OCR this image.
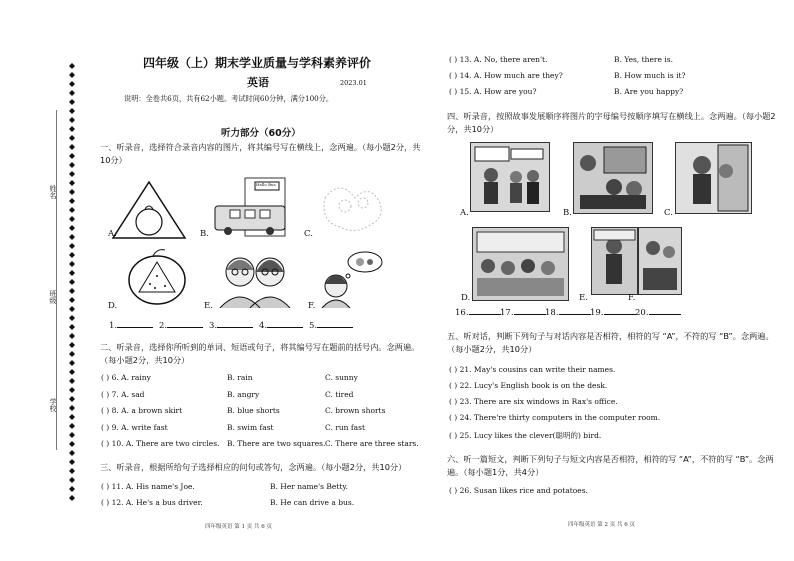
姓名
班级
学校
四年级（上）期末学业质量与学科素养评价
英语	2023.01
说明：全卷共6页，共有62小题。考试时间60分钟，满分100分。
听力部分（60分）
一、听录音，选择符合录音内容的图片，将其编号写在横线上，念两遍。（每小题2分，共10分）
A.
Hello Bus
B.	C.
D.	E.	F.
1.	2.	3.	4.	5.
二、听录音，选择你所听到的单词、短语或句子，将其编号写在题前的括号内。念两遍。（每小题2分，共10分）
( ) 6. A. rainy	B. rain	C. sunny
( ) 7. A. sad	B. angry	C. tired
( ) 8. A. a brown skirt	B. blue shorts	C. brown shorts
( ) 9. A. write fast	B. swim fast	C. run fast
( ) 10. A. There are two circles. B. There are two squares. C. There are three stars.
三、听录音，根据所给句子选择相应的问句或答句，念两遍。（每小题2分，共10分）
( ) 11. A. His name's Joe.	B. Her name's Betty.
( ) 12. A. He's a bus driver.	B. He can drive a bus.
四年级英语 第 1 页 共 6 页
( ) 13. A. No, there aren't.	B. Yes, there is.
( ) 14. A. How much are they?	B. How much is it?
( ) 15. A. How are you?	B. Are you happy?
四、听录音，按照故事发展顺序将图片的字母编号按顺序填写在横线上。念两遍。（每小题2分，共10分）
A.	B.	C.
D.	E.	F.
16.	17.	18.	19.	20.
五、听对话，判断下列句子与对话内容是否相符，相符的写 “A”，不符的写 “B”。念两遍。（每小题2分，共10分）
( ) 21. May's cousins can write their names.
( ) 22. Lucy's English book is on the desk.
( ) 23. There are six windows in Rax's office.
( ) 24. There're thirty computers in the computer room.
( ) 25. Lucy likes the clever(聪明的) bird.
六、听一篇短文，判断下列句子与短文内容是否相符，相符的写 “A”，不符的写 “B”。念两遍。（每小题1分，共4分）
( ) 26. Susan likes rice and potatoes.
四年级英语 第 2 页 共 6 页
